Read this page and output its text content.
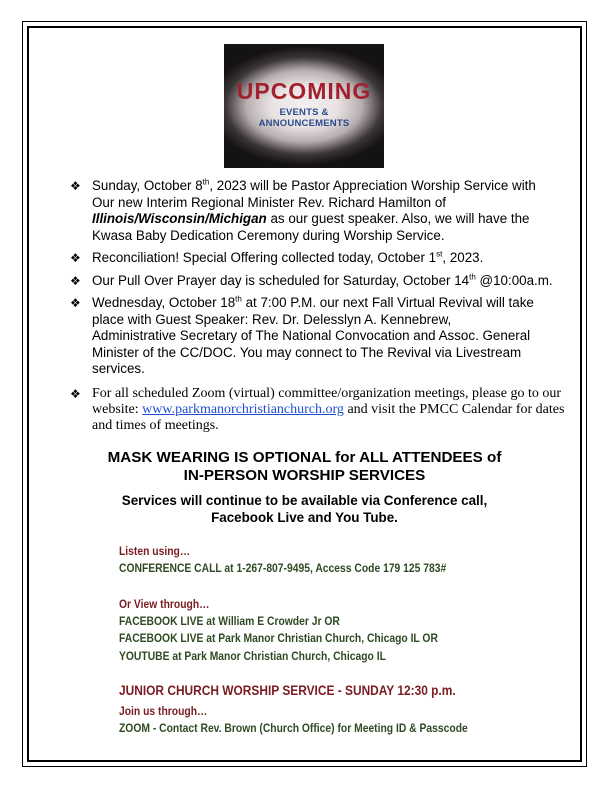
UPCOMING
EVENTS &
ANNOUNCEMENTS
❖ Sunday, October 8th, 2023 will be Pastor Appreciation Worship Service with
Our new Interim Regional Minister Rev. Richard Hamilton of
Illinois/Wisconsin/Michigan as our guest speaker. Also, we will have the
Kwasa Baby Dedication Ceremony during Worship Service.
❖ Reconciliation! Special Offering collected today, October 1st, 2023.
❖ Our Pull Over Prayer day is scheduled for Saturday, October 14th @10:00a.m.
❖ Wednesday, October 18th at 7:00 P.M. our next Fall Virtual Revival will take
place with Guest Speaker: Rev. Dr. Delesslyn A. Kennebrew,
Administrative Secretary of The National Convocation and Assoc. General
Minister of the CC/DOC. You may connect to The Revival via Livestream
services.
❖ For all scheduled Zoom (virtual) committee/organization meetings, please go to our
website: www.parkmanorchristianchurch.org and visit the PMCC Calendar for dates
and times of meetings.
MASK WEARING IS OPTIONAL for ALL ATTENDEES of
IN-PERSON WORSHIP SERVICES
Services will continue to be available via Conference call,
Facebook Live and You Tube.
Listen using…
CONFERENCE CALL at 1-267-807-9495, Access Code 179 125 783#
Or View through…
FACEBOOK LIVE at William E Crowder Jr OR
FACEBOOK LIVE at Park Manor Christian Church, Chicago IL OR
YOUTUBE at Park Manor Christian Church, Chicago IL
JUNIOR CHURCH WORSHIP SERVICE - SUNDAY 12:30 p.m.
Join us through…
ZOOM - Contact Rev. Brown (Church Office) for Meeting ID & Passcode
